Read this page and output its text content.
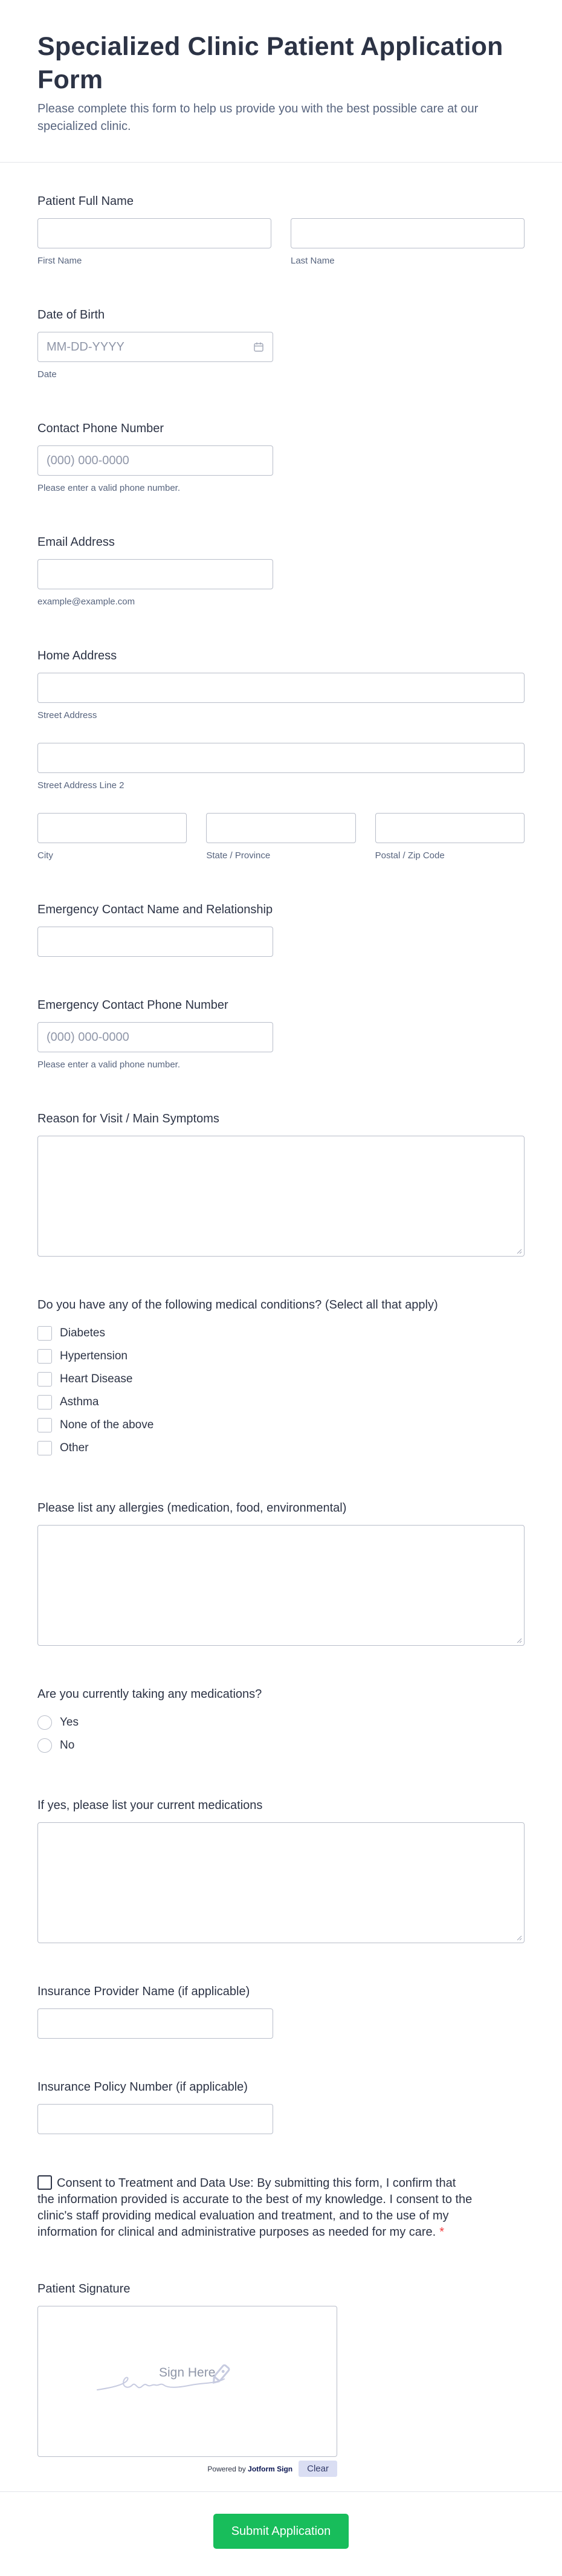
Specialized Clinic Patient Application Form

Please complete this form to help us provide you with the best possible care at our specialized clinic.

Patient Full Name
First Name	Last Name
Date of Birth
MM-DD-YYYY
Date
Contact Phone Number
(000) 000-0000
Please enter a valid phone number.
Email Address
example@example.com
Home Address
Street Address
Street Address Line 2
City	State / Province	Postal / Zip Code
Emergency Contact Name and Relationship
Emergency Contact Phone Number
(000) 000-0000
Please enter a valid phone number.
Reason for Visit / Main Symptoms
Do you have any of the following medical conditions? (Select all that apply)
Diabetes
Hypertension
Heart Disease
Asthma
None of the above
Other
Please list any allergies (medication, food, environmental)
Are you currently taking any medications?
Yes
No
If yes, please list your current medications
Insurance Provider Name (if applicable)
Insurance Policy Number (if applicable)
Consent to Treatment and Data Use: By submitting this form, I confirm that the information provided is accurate to the best of my knowledge. I consent to the clinic's staff providing medical evaluation and treatment, and to the use of my information for clinical and administrative purposes as needed for my care. *
Patient Signature
Sign Here
Powered by Jotform Sign	Clear
Submit Application
